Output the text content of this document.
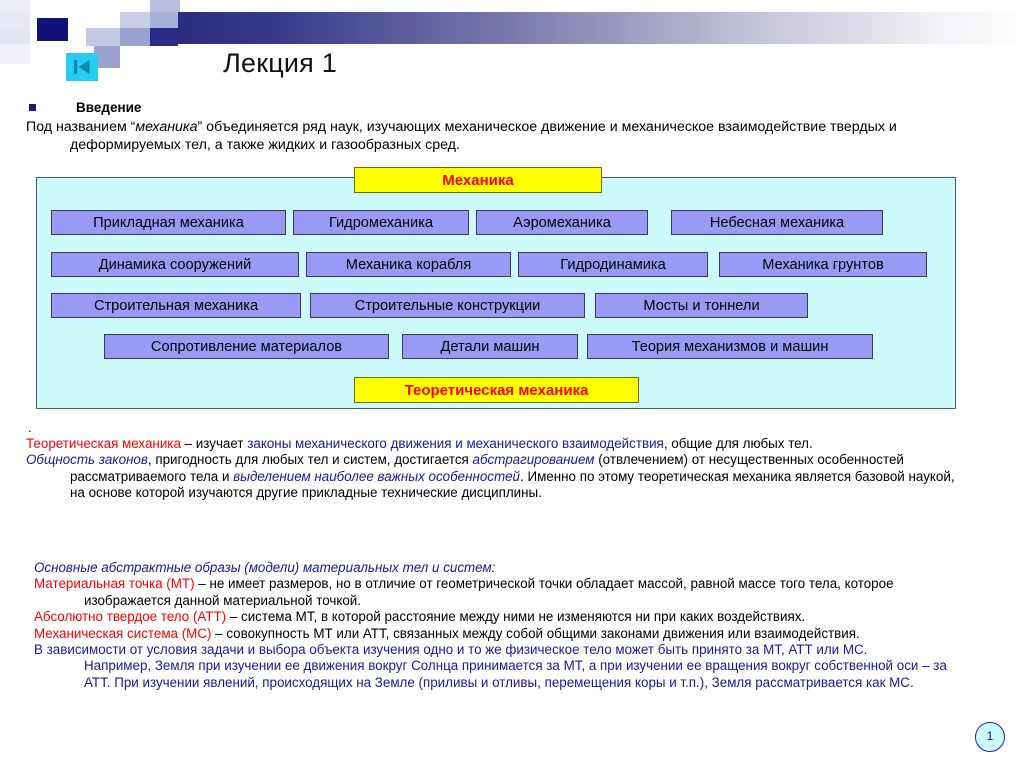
Лекция 1
Введение
Под названием “механика” объединяется ряд наук, изучающих механическое движение и механическое взаимодействие твердых и
деформируемых тел, а также жидких и газообразных сред.
Прикладная механика	Гидромеханика	Аэромеханика	Небесная механика
Динамика сооружений	Механика корабля	Гидродинамика	Механика грунтов
Строительная механика	Строительные конструкции	Мосты и тоннели
Сопротивление материалов	Детали машин	Теория механизмов и машин
Механика
Теоретическая механика
.
Теоретическая механика – изучает законы механического движения и механического взаимодействия, общие для любых тел.
Общность законов, пригодность для любых тел и систем, достигается абстрагированием (отвлечением) от несущественных особенностей
рассматриваемого тела и выделением наиболее важных особенностей. Именно по этому теоретическая механика является базовой наукой,
на основе которой изучаются другие прикладные технические дисциплины.
Основные абстрактные образы (модели) материальных тел и систем:
Материальная точка (МТ) – не имеет размеров, но в отличие от геометрической точки обладает массой, равной массе того тела, которое
изображается данной материальной точкой.
Абсолютно твердое тело (АТТ) – система МТ, в которой расстояние между ними не изменяются ни при каких воздействиях.
Механическая система (МС) – совокупность МТ или АТТ, связанных между собой общими законами движения или взаимодействия.
В зависимости от условия задачи и выбора объекта изучения одно и то же физическое тело может быть принято за МТ, АТТ или МС.
Например, Земля при изучении ее движения вокруг Солнца принимается за МТ, а при изучении ее вращения вокруг собственной оси – за
АТТ. При изучении явлений, происходящих на Земле (приливы и отливы, перемещения коры и т.п.), Земля рассматривается как МС.
1
